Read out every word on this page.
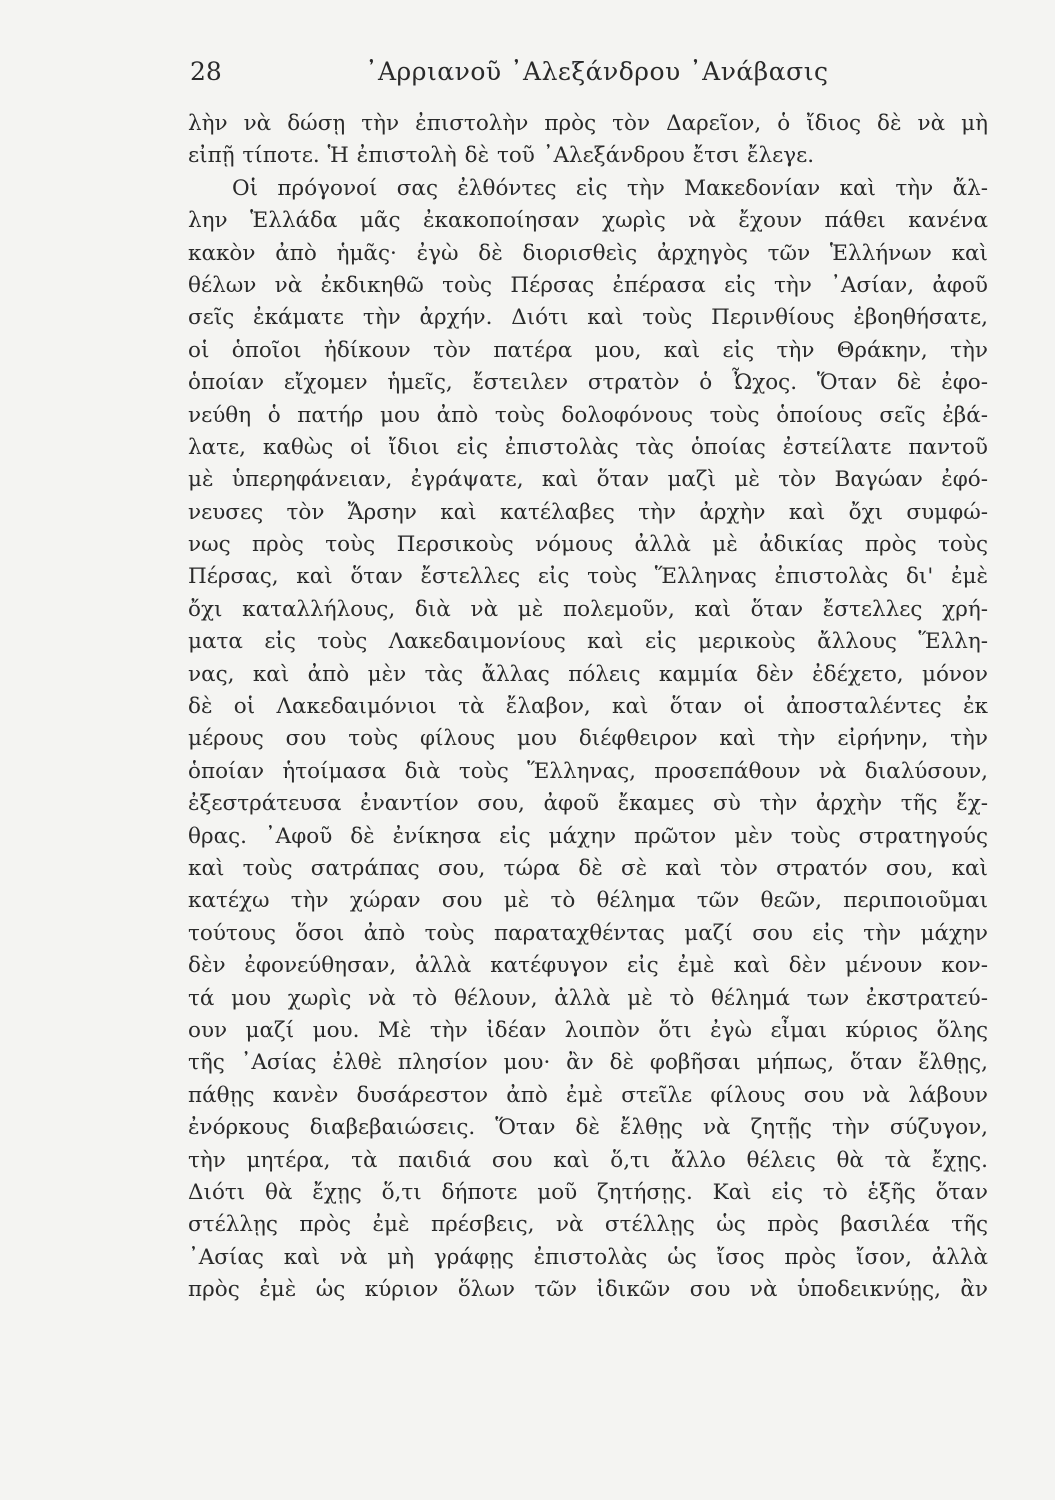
28	᾿Αρριανοῦ ᾿Αλεξάνδρου ᾿Ανάβασις
λὴν νὰ δώσῃ τὴν ἐπιστολὴν πρὸς τὸν Δαρεῖον, ὁ ἴδιος δὲ νὰ μὴ
εἰπῇ τίποτε. Ἡ ἐπιστολὴ δὲ τοῦ ᾿Αλεξάνδρου ἔτσι ἔλεγε.
Οἱ πρόγονοί σας ἐλθόντες εἰς τὴν Μακεδονίαν καὶ τὴν ἄλ-
λην Ἑλλάδα μᾶς ἐκακοποίησαν χωρὶς νὰ ἔχουν πάθει κανένα
κακὸν ἀπὸ ἡμᾶς· ἐγὼ δὲ διορισθεὶς ἀρχηγὸς τῶν Ἑλλήνων καὶ
θέλων νὰ ἐκδικηθῶ τοὺς Πέρσας ἐπέρασα εἰς τὴν ᾿Ασίαν, ἀφοῦ
σεῖς ἐκάματε τὴν ἀρχήν. Διότι καὶ τοὺς Περινθίους ἐβοηθήσατε,
οἱ ὁποῖοι ἠδίκουν τὸν πατέρα μου, καὶ εἰς τὴν Θράκην, τὴν
ὁποίαν εἴχομεν ἡμεῖς, ἔστειλεν στρατὸν ὁ Ὦχος. Ὅταν δὲ ἐφο-
νεύθη ὁ πατήρ μου ἀπὸ τοὺς δολοφόνους τοὺς ὁποίους σεῖς ἐβά-
λατε, καθὼς οἱ ἴδιοι εἰς ἐπιστολὰς τὰς ὁποίας ἐστείλατε παντοῦ
μὲ ὑπερηφάνειαν, ἐγράψατε, καὶ ὅταν μαζὶ μὲ τὸν Βαγώαν ἐφό-
νευσες τὸν Ἄρσην καὶ κατέλαβες τὴν ἀρχὴν καὶ ὄχι συμφώ-
νως πρὸς τοὺς Περσικοὺς νόμους ἀλλὰ μὲ ἀδικίας πρὸς τοὺς
Πέρσας, καὶ ὅταν ἔστελλες εἰς τοὺς Ἕλληνας ἐπιστολὰς δι' ἐμὲ
ὄχι καταλλήλους, διὰ νὰ μὲ πολεμοῦν, καὶ ὅταν ἔστελλες χρή-
ματα εἰς τοὺς Λακεδαιμονίους καὶ εἰς μερικοὺς ἄλλους Ἕλλη-
νας, καὶ ἀπὸ μὲν τὰς ἄλλας πόλεις καμμία δὲν ἐδέχετο, μόνον
δὲ οἱ Λακεδαιμόνιοι τὰ ἔλαβον, καὶ ὅταν οἱ ἀποσταλέντες ἐκ
μέρους σου τοὺς φίλους μου διέφθειρον καὶ τὴν εἰρήνην, τὴν
ὁποίαν ἡτοίμασα διὰ τοὺς Ἕλληνας, προσεπάθουν νὰ διαλύσουν,
ἐξεστράτευσα ἐναντίον σου, ἀφοῦ ἔκαμες σὺ τὴν ἀρχὴν τῆς ἔχ-
θρας. ᾿Αφοῦ δὲ ἐνίκησα εἰς μάχην πρῶτον μὲν τοὺς στρατηγούς
καὶ τοὺς σατράπας σου, τώρα δὲ σὲ καὶ τὸν στρατόν σου, καὶ
κατέχω τὴν χώραν σου μὲ τὸ θέλημα τῶν θεῶν, περιποιοῦμαι
τούτους ὅσοι ἀπὸ τοὺς παραταχθέντας μαζί σου εἰς τὴν μάχην
δὲν ἐφονεύθησαν, ἀλλὰ κατέφυγον εἰς ἐμὲ καὶ δὲν μένουν κον-
τά μου χωρὶς νὰ τὸ θέλουν, ἀλλὰ μὲ τὸ θέλημά των ἐκστρατεύ-
ουν μαζί μου. Μὲ τὴν ἰδέαν λοιπὸν ὅτι ἐγὼ εἶμαι κύριος ὅλης
τῆς ᾿Ασίας ἐλθὲ πλησίον μου· ἂν δὲ φοβῆσαι μήπως, ὅταν ἔλθῃς,
πάθῃς κανὲν δυσάρεστον ἀπὸ ἐμὲ στεῖλε φίλους σου νὰ λάβουν
ἐνόρκους διαβεβαιώσεις. Ὅταν δὲ ἔλθῃς νὰ ζητῇς τὴν σύζυγον,
τὴν μητέρα, τὰ παιδιά σου καὶ ὅ,τι ἄλλο θέλεις θὰ τὰ ἔχῃς.
Διότι θὰ ἔχῃς ὅ,τι δήποτε μοῦ ζητήσῃς. Καὶ εἰς τὸ ἑξῆς ὅταν
στέλλῃς πρὸς ἐμὲ πρέσβεις, νὰ στέλλῃς ὡς πρὸς βασιλέα τῆς
᾿Ασίας καὶ νὰ μὴ γράφῃς ἐπιστολὰς ὡς ἴσος πρὸς ἴσον, ἀλλὰ
πρὸς ἐμὲ ὡς κύριον ὅλων τῶν ἰδικῶν σου νὰ ὑποδεικνύῃς, ἂν
